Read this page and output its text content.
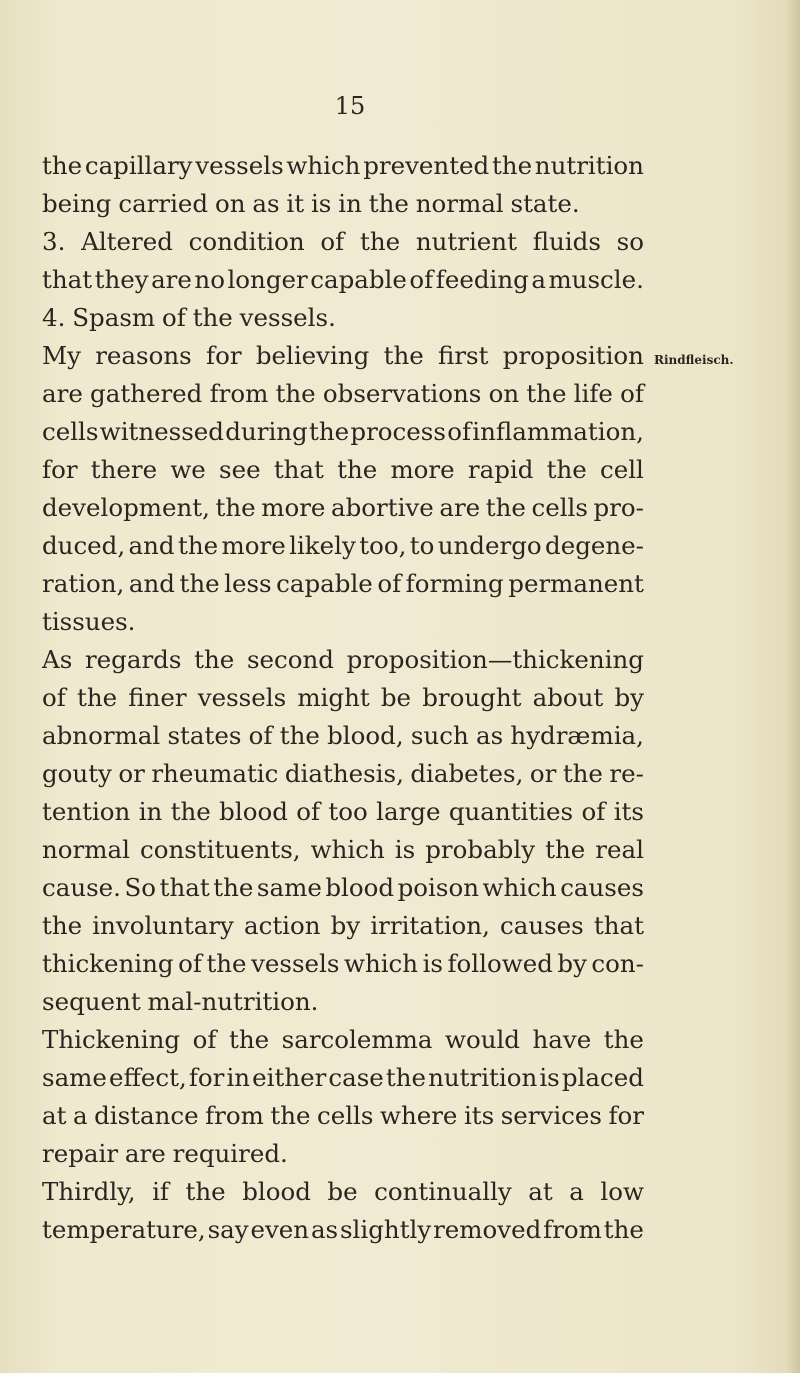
15
the capillary vessels which prevented the nutrition
being carried on as it is in the normal state.
3. Altered condition of the nutrient fluids so
that they are no longer capable of feeding a muscle.
4. Spasm of the vessels.
My reasons for believing the first proposition
are gathered from the observations on the life of
cells witnessed during the process of inflammation,
for there we see that the more rapid the cell
development, the more abortive are the cells pro-
duced, and the more likely too, to undergo degene-
ration, and the less capable of forming permanent
tissues.
As regards the second proposition—thickening
of the finer vessels might be brought about by
abnormal states of the blood, such as hydræmia,
gouty or rheumatic diathesis, diabetes, or the re-
tention in the blood of too large quantities of its
normal constituents, which is probably the real
cause. So that the same blood poison which causes
the involuntary action by irritation, causes that
thickening of the vessels which is followed by con-
sequent mal-nutrition.
Thickening of the sarcolemma would have the
same effect, for in either case the nutrition is placed
at a distance from the cells where its services for
repair are required.
Thirdly, if the blood be continually at a low
temperature, say even as slightly removed from the
Rindfleisch.
